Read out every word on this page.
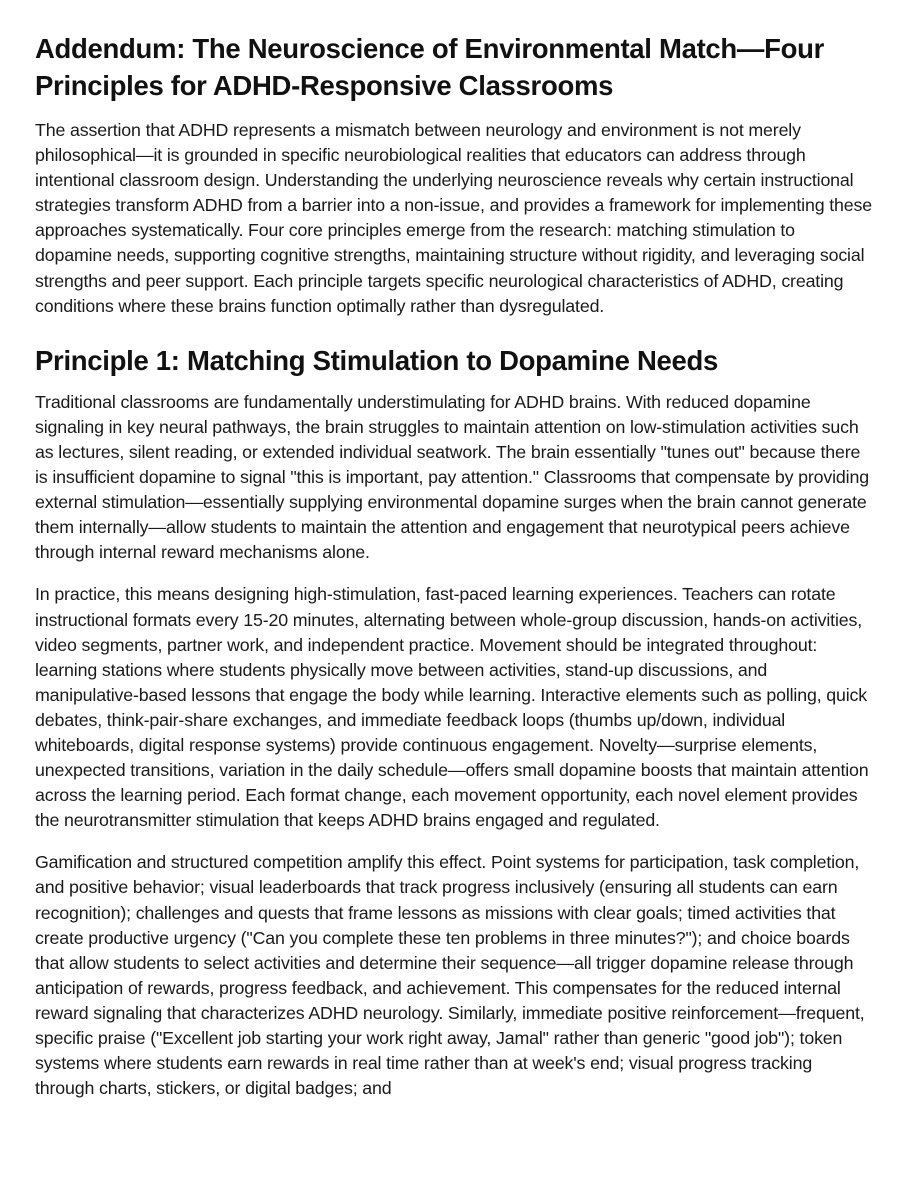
Addendum: The Neuroscience of Environmental Match—Four Principles for ADHD-Responsive Classrooms

The assertion that ADHD represents a mismatch between neurology and environment is not merely philosophical—it is grounded in specific neurobiological realities that educators can address through intentional classroom design. Understanding the underlying neuroscience reveals why certain instructional strategies transform ADHD from a barrier into a non-issue, and provides a framework for implementing these approaches systematically. Four core principles emerge from the research: matching stimulation to dopamine needs, supporting cognitive strengths, maintaining structure without rigidity, and leveraging social strengths and peer support. Each principle targets specific neurological characteristics of ADHD, creating conditions where these brains function optimally rather than dysregulated.

Principle 1: Matching Stimulation to Dopamine Needs

Traditional classrooms are fundamentally understimulating for ADHD brains. With reduced dopamine signaling in key neural pathways, the brain struggles to maintain attention on low-stimulation activities such as lectures, silent reading, or extended individual seatwork. The brain essentially "tunes out" because there is insufficient dopamine to signal "this is important, pay attention." Classrooms that compensate by providing external stimulation—essentially supplying environmental dopamine surges when the brain cannot generate them internally—allow students to maintain the attention and engagement that neurotypical peers achieve through internal reward mechanisms alone.

In practice, this means designing high-stimulation, fast-paced learning experiences. Teachers can rotate instructional formats every 15-20 minutes, alternating between whole-group discussion, hands-on activities, video segments, partner work, and independent practice. Movement should be integrated throughout: learning stations where students physically move between activities, stand-up discussions, and manipulative-based lessons that engage the body while learning. Interactive elements such as polling, quick debates, think-pair-share exchanges, and immediate feedback loops (thumbs up/down, individual whiteboards, digital response systems) provide continuous engagement. Novelty—surprise elements, unexpected transitions, variation in the daily schedule—offers small dopamine boosts that maintain attention across the learning period. Each format change, each movement opportunity, each novel element provides the neurotransmitter stimulation that keeps ADHD brains engaged and regulated.

Gamification and structured competition amplify this effect. Point systems for participation, task completion, and positive behavior; visual leaderboards that track progress inclusively (ensuring all students can earn recognition); challenges and quests that frame lessons as missions with clear goals; timed activities that create productive urgency ("Can you complete these ten problems in three minutes?"); and choice boards that allow students to select activities and determine their sequence—all trigger dopamine release through anticipation of rewards, progress feedback, and achievement. This compensates for the reduced internal reward signaling that characterizes ADHD neurology. Similarly, immediate positive reinforcement—frequent, specific praise ("Excellent job starting your work right away, Jamal" rather than generic "good job"); token systems where students earn rewards in real time rather than at week's end; visual progress tracking through charts, stickers, or digital badges; and
